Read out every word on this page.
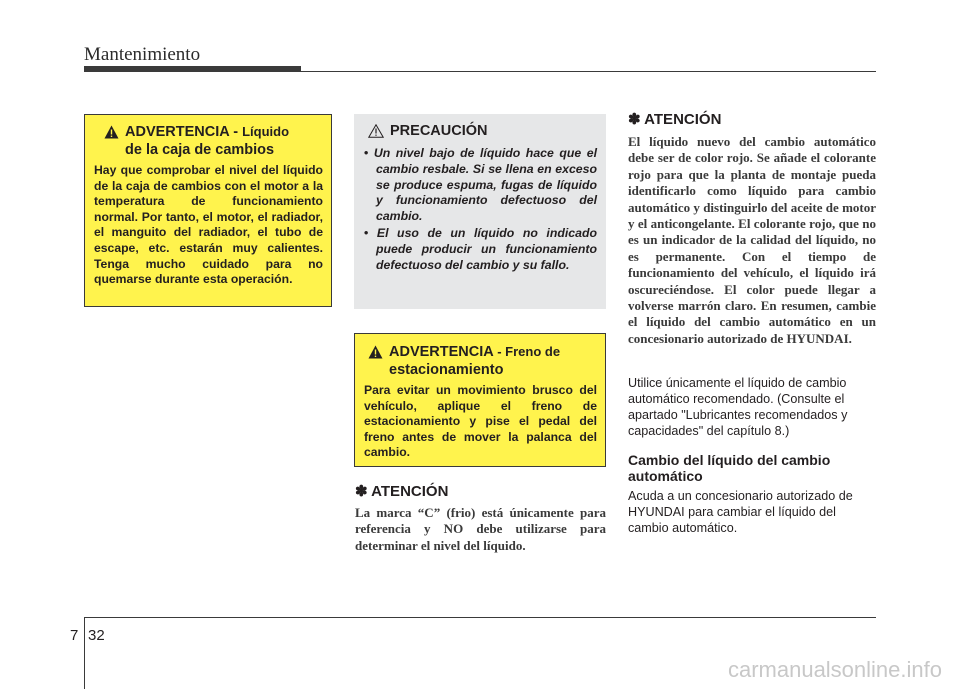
Mantenimiento
ADVERTENCIA - Líquido
de la caja de cambios
Hay que comprobar el nivel del líquido de la caja de cambios con el motor a la temperatura de funcionamiento normal. Por tanto, el motor, el radiador, el manguito del radiador, el tubo de escape, etc. estarán muy calientes. Tenga mucho cuidado para no quemarse durante esta operación.
PRECAUCIÓN
• Un nivel bajo de líquido hace que el cambio resbale. Si se llena en exceso se produce espuma, fugas de líquido y funcionamiento defectuoso del cambio.
• El uso de un líquido no indicado puede producir un funcionamiento defectuoso del cambio y su fallo.
ADVERTENCIA - Freno de
estacionamiento
Para evitar un movimiento brusco del vehículo, aplique el freno de estacionamiento y pise el pedal del freno antes de mover la palanca del cambio.
✽ ATENCIÓN
La marca “C” (frio) está únicamente para referencia y NO debe utilizarse para determinar el nivel del líquido.
✽ ATENCIÓN
El líquido nuevo del cambio automático debe ser de color rojo. Se añade el colorante rojo para que la planta de montaje pueda identificarlo como líquido para cambio automático y distinguirlo del aceite de motor y el anticongelante. El colorante rojo, que no es un indicador de la calidad del líquido, no es permanente. Con el tiempo de funcionamiento del vehículo, el líquido irá oscureciéndose. El color puede llegar a volverse marrón claro. En resumen, cambie el líquido del cambio automático en un concesionario autorizado de HYUNDAI.
Utilice únicamente el líquido de cambio automático recomendado. (Consulte el apartado "Lubricantes recomendados y capacidades" del capítulo 8.)
Cambio del líquido del cambio automático
Acuda a un concesionario autorizado de HYUNDAI para cambiar el líquido del cambio automático.
7 32
carmanualsonline.info
